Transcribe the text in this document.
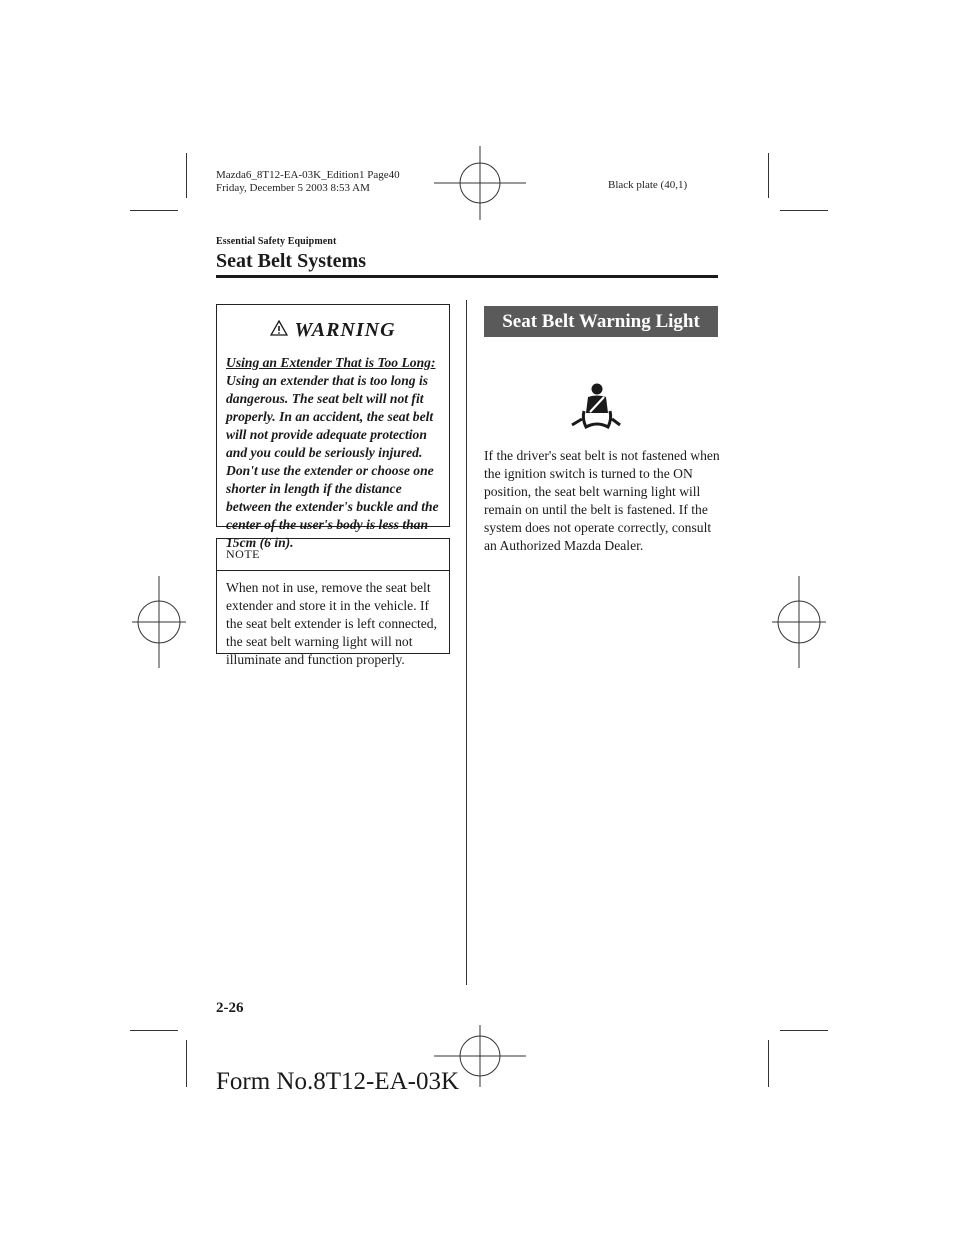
Mazda6_8T12-EA-03K_Edition1 Page40
Friday, December 5 2003 8:53 AM	Black plate (40,1)
Essential Safety Equipment
Seat Belt Systems
WARNING
Using an Extender That is Too Long: Using an extender that is too long is dangerous. The seat belt will not fit properly. In an accident, the seat belt will not provide adequate protection and you could be seriously injured. Don't use the extender or choose one shorter in length if the distance between the extender's buckle and the center of the user's body is less than 15cm (6 in).
NOTE
When not in use, remove the seat belt extender and store it in the vehicle. If the seat belt extender is left connected, the seat belt warning light will not illuminate and function properly.
Seat Belt Warning Light
If the driver's seat belt is not fastened when the ignition switch is turned to the ON position, the seat belt warning light will remain on until the belt is fastened. If the system does not operate correctly, consult an Authorized Mazda Dealer.
2-26
Form No.8T12-EA-03K
